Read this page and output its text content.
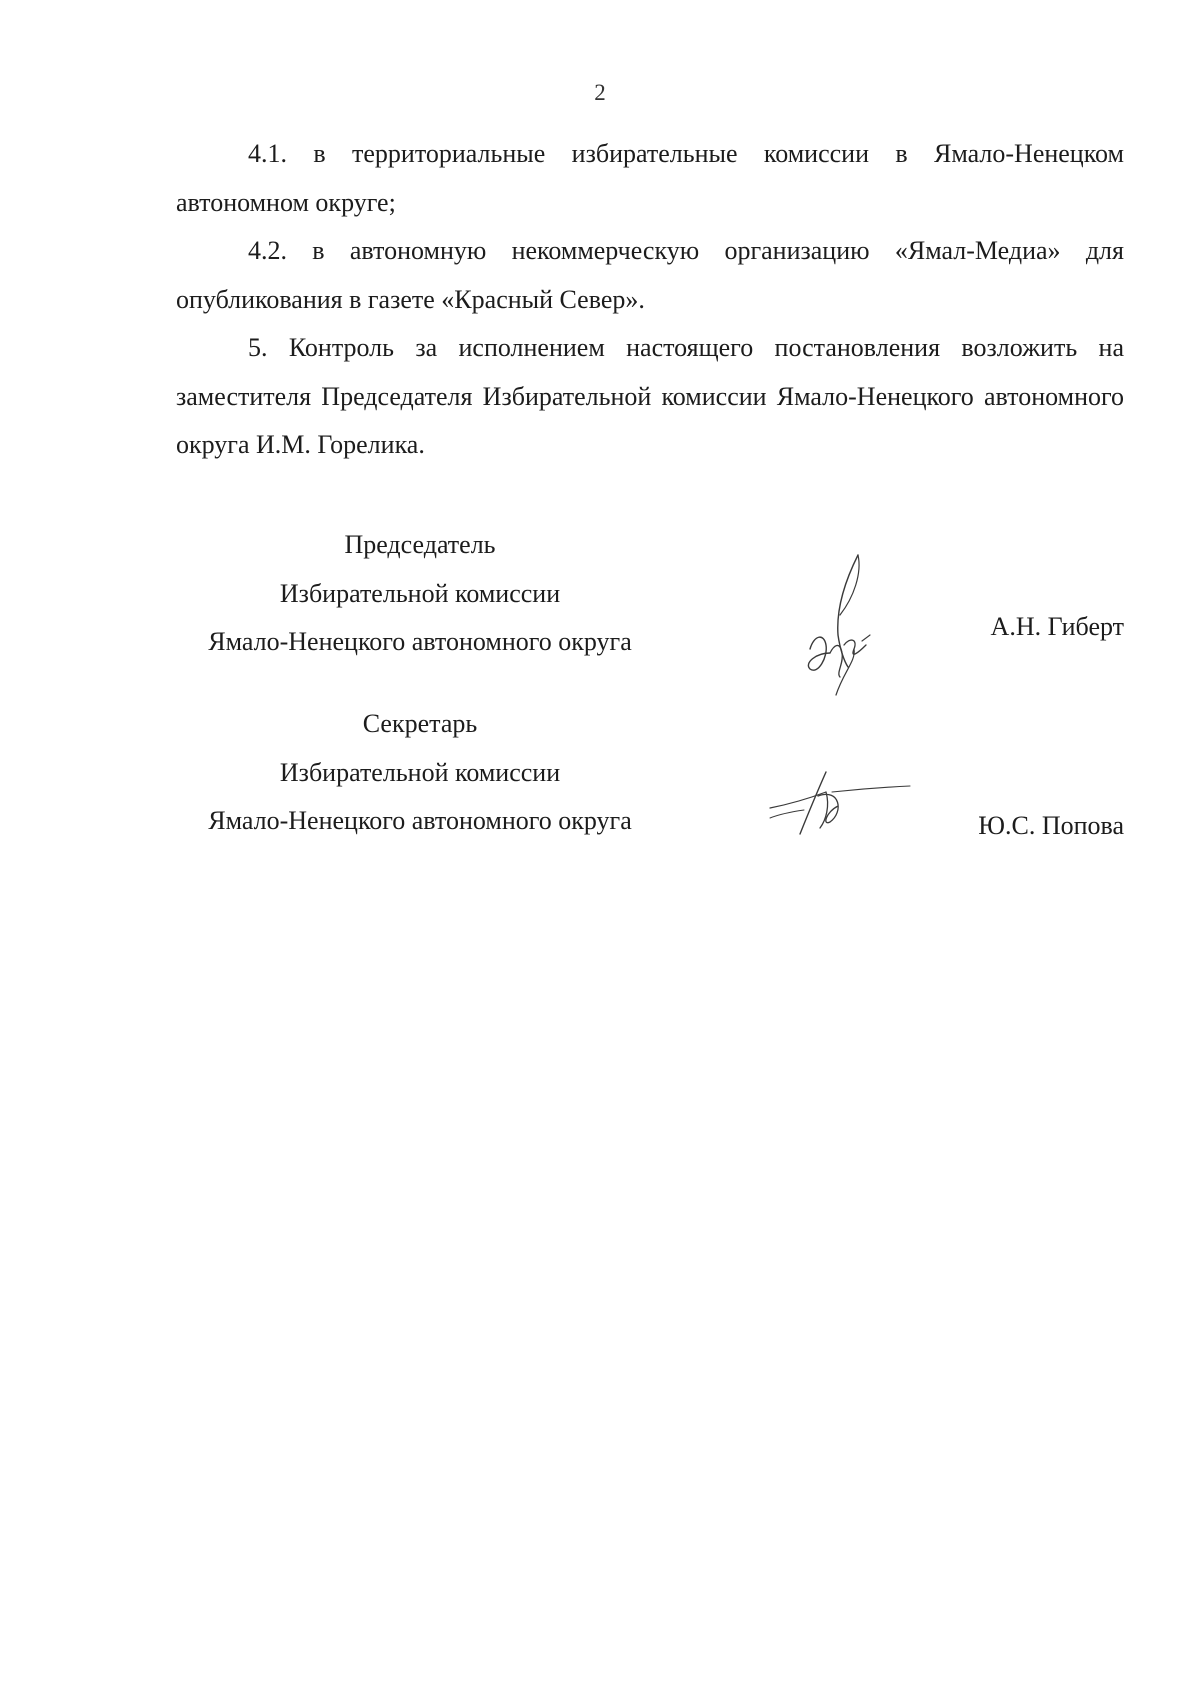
2

4.1. в территориальные избирательные комиссии в Ямало-Ненецком автономном округе;

4.2. в автономную некоммерческую организацию «Ямал-Медиа» для опубликования в газете «Красный Север».

5. Контроль за исполнением настоящего постановления возложить на заместителя Председателя Избирательной комиссии Ямало-Ненецкого автономного округа И.М. Горелика.

Председатель
Избирательной комиссии
Ямало-Ненецкого автономного округа
А.Н. Гиберт
Секретарь
Избирательной комиссии
Ямало-Ненецкого автономного округа	Ю.С. Попова
